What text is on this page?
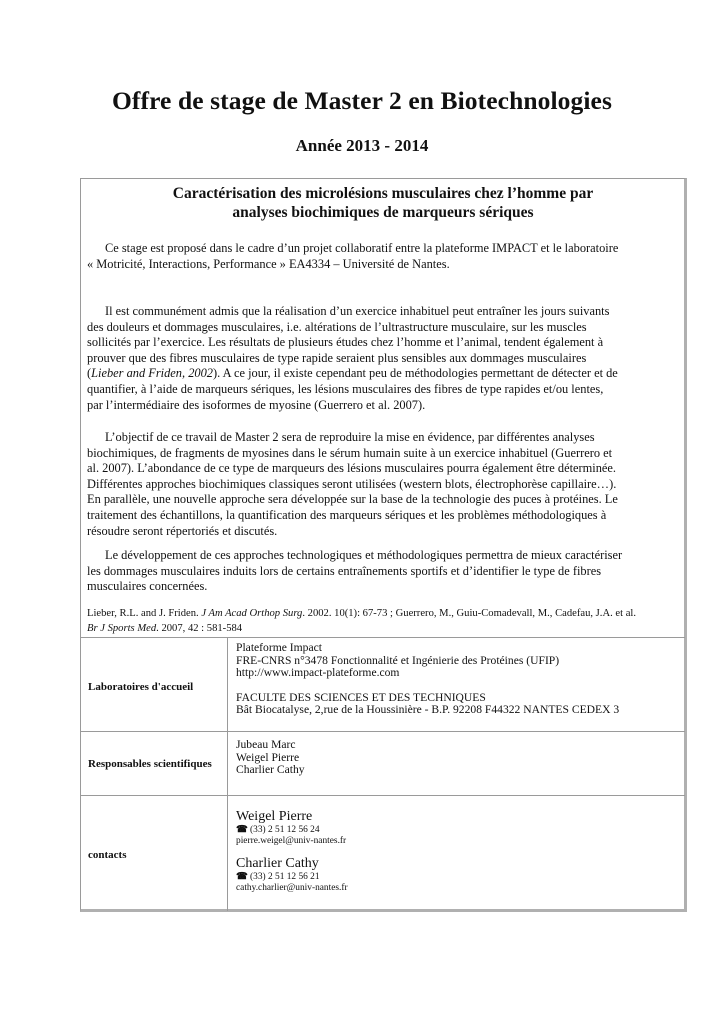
Offre de stage de Master 2 en Biotechnologies
Année 2013 - 2014
Caractérisation des microlésions musculaires chez l’homme par
analyses biochimiques de marqueurs sériques
Ce stage est proposé dans le cadre d’un projet collaboratif entre la plateforme IMPACT et le laboratoire
« Motricité, Interactions, Performance » EA4334 – Université de Nantes.
Il est communément admis que la réalisation d’un exercice inhabituel peut entraîner les jours suivants
des douleurs et dommages musculaires, i.e. altérations de l’ultrastructure musculaire, sur les muscles
sollicités par l’exercice. Les résultats de plusieurs études chez l’homme et l’animal, tendent également à
prouver que des fibres musculaires de type rapide seraient plus sensibles aux dommages musculaires
(Lieber and Friden, 2002). A ce jour, il existe cependant peu de méthodologies permettant de détecter et de
quantifier, à l’aide de marqueurs sériques, les lésions musculaires des fibres de type rapides et/ou lentes,
par l’intermédiaire des isoformes de myosine (Guerrero et al. 2007).
L’objectif de ce travail de Master 2 sera de reproduire la mise en évidence, par différentes analyses
biochimiques, de fragments de myosines dans le sérum humain suite à un exercice inhabituel (Guerrero et
al. 2007). L’abondance de ce type de marqueurs des lésions musculaires pourra également être déterminée.
Différentes approches biochimiques classiques seront utilisées (western blots, électrophorèse capillaire…).
En parallèle, une nouvelle approche sera développée sur la base de la technologie des puces à protéines. Le
traitement des échantillons, la quantification des marqueurs sériques et les problèmes méthodologiques à
résoudre seront répertoriés et discutés.
Le développement de ces approches technologiques et méthodologiques permettra de mieux caractériser
les dommages musculaires induits lors de certains entraînements sportifs et d’identifier le type de fibres
musculaires concernées.
Lieber, R.L. and J. Friden. J Am Acad Orthop Surg. 2002. 10(1): 67-73 ; Guerrero, M., Guiu-Comadevall, M., Cadefau, J.A. et al.
Br J Sports Med. 2007, 42 : 581-584
Laboratoires d'accueil
Plateforme Impact
FRE-CNRS n°3478 Fonctionnalité et Ingénierie des Protéines (UFIP)
http://www.impact-plateforme.com
FACULTE DES SCIENCES ET DES TECHNIQUES
Bât Biocatalyse, 2,rue de la Houssinière - B.P. 92208 F44322 NANTES CEDEX 3
Responsables scientifiques
Jubeau Marc
Weigel Pierre
Charlier Cathy
contacts
Weigel Pierre
☎ (33) 2 51 12 56 24
pierre.weigel@univ-nantes.fr
Charlier Cathy
☎ (33) 2 51 12 56 21
cathy.charlier@univ-nantes.fr
